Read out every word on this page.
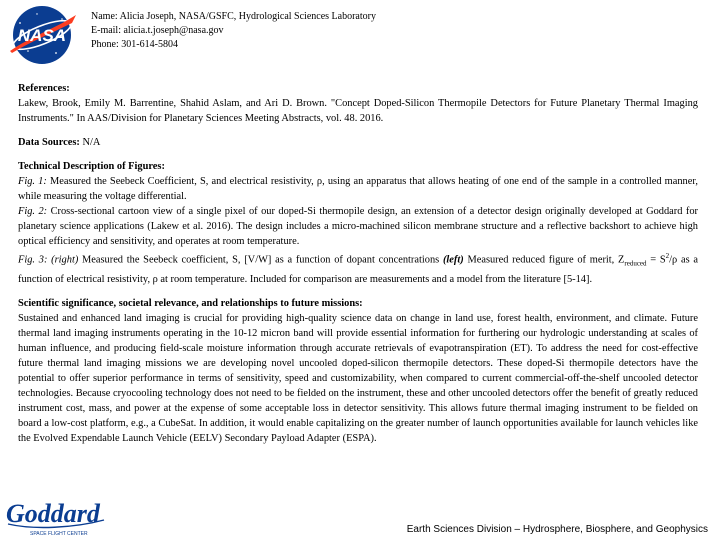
NASA
Name: Alicia Joseph, NASA/GSFC, Hydrological Sciences Laboratory
E-mail: alicia.t.joseph@nasa.gov
Phone: 301-614-5804
References:
Lakew, Brook, Emily M. Barrentine, Shahid Aslam, and Ari D. Brown. "Concept Doped-Silicon Thermopile Detectors for Future Planetary Thermal Imaging Instruments." In AAS/Division for Planetary Sciences Meeting Abstracts, vol. 48. 2016.
Data Sources: N/A
Technical Description of Figures:
Fig. 1: Measured the Seebeck Coefficient, S, and electrical resistivity, ρ, using an apparatus that allows heating of one end of the sample in a controlled manner, while measuring the voltage differential.
Fig. 2: Cross-sectional cartoon view of a single pixel of our doped-Si thermopile design, an extension of a detector design originally developed at Goddard for planetary science applications (Lakew et al. 2016). The design includes a micro-machined silicon membrane structure and a reflective backshort to achieve high optical efficiency and sensitivity, and operates at room temperature.
Fig. 3: (right) Measured the Seebeck coefficient, S, [V/W] as a function of dopant concentrations (left) Measured reduced figure of merit, $Z_{reduced} = S^2/\rho$ as a function of electrical resistivity, ρ at room temperature. Included for comparison are measurements and a model from the literature [5-14].
Scientific significance, societal relevance, and relationships to future missions:
Sustained and enhanced land imaging is crucial for providing high-quality science data on change in land use, forest health, environment, and climate. Future thermal land imaging instruments operating in the 10-12 micron band will provide essential information for furthering our hydrologic understanding at scales of human influence, and producing field-scale moisture information through accurate retrievals of evapotranspiration (ET). To address the need for cost-effective future thermal land imaging missions we are developing novel uncooled doped-silicon thermopile detectors. These doped-Si thermopile detectors have the potential to offer superior performance in terms of sensitivity, speed and customizability, when compared to current commercial-off-the-shelf uncooled detector technologies. Because cryocooling technology does not need to be fielded on the instrument, these and other uncooled detectors offer the benefit of greatly reduced instrument cost, mass, and power at the expense of some acceptable loss in detector sensitivity. This allows future thermal imaging instrument to be fielded on board a low-cost platform, e.g., a CubeSat. In addition, it would enable capitalizing on the greater number of launch opportunities available for launch vehicles like the Evolved Expendable Launch Vehicle (EELV) Secondary Payload Adapter (ESPA).
Goddard
SPACE FLIGHT CENTER	Earth Sciences Division – Hydrosphere, Biosphere, and Geophysics
